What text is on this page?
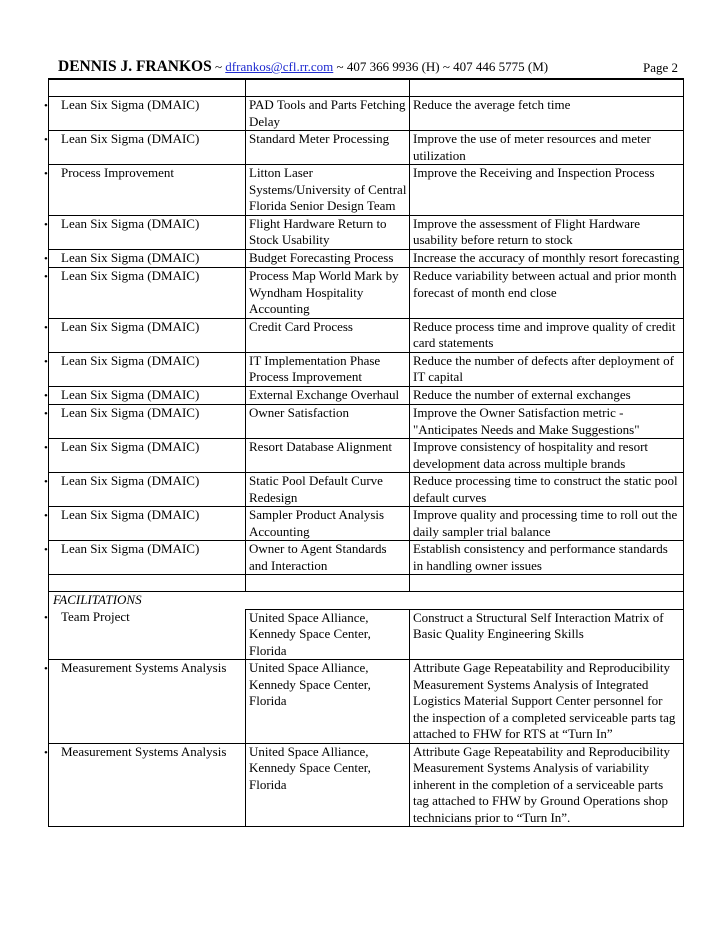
DENNIS J. FRANKOS ~ dfrankos@cfl.rr.com ~ 407 366 9936 (H) ~ 407 446 5775 (M)	Page 2

• Lean Six Sigma (DMAIC)	PAD Tools and Parts Fetching Delay	Reduce the average fetch time
• Lean Six Sigma (DMAIC)	Standard Meter Processing	Improve the use of meter resources and meter utilization
• Process Improvement	Litton Laser Systems/University of Central Florida Senior Design Team	Improve the Receiving and Inspection Process
• Lean Six Sigma (DMAIC)	Flight Hardware Return to Stock Usability	Improve the assessment of Flight Hardware usability before return to stock
• Lean Six Sigma (DMAIC)	Budget Forecasting Process	Increase the accuracy of monthly resort forecasting
• Lean Six Sigma (DMAIC)	Process Map World Mark by Wyndham Hospitality Accounting	Reduce variability between actual and prior month forecast of month end close
• Lean Six Sigma (DMAIC)	Credit Card Process	Reduce process time and improve quality of credit card statements
• Lean Six Sigma (DMAIC)	IT Implementation Phase Process Improvement	Reduce the number of defects after deployment of IT capital
• Lean Six Sigma (DMAIC)	External Exchange Overhaul	Reduce the number of external exchanges
• Lean Six Sigma (DMAIC)	Owner Satisfaction	Improve the Owner Satisfaction metric - "Anticipates Needs and Make Suggestions"
• Lean Six Sigma (DMAIC)	Resort Database Alignment	Improve consistency of hospitality and resort development data across multiple brands
• Lean Six Sigma (DMAIC)	Static Pool Default Curve Redesign	Reduce processing time to construct the static pool default curves
• Lean Six Sigma (DMAIC)	Sampler Product Analysis Accounting	Improve quality and processing time to roll out the daily sampler trial balance
• Lean Six Sigma (DMAIC)	Owner to Agent Standards and Interaction	Establish consistency and performance standards in handling owner issues

FACILITATIONS		
• Team Project	United Space Alliance, Kennedy Space Center, Florida	Construct a Structural Self Interaction Matrix of Basic Quality Engineering Skills
• Measurement Systems Analysis	United Space Alliance, Kennedy Space Center, Florida	Attribute Gage Repeatability and Reproducibility Measurement Systems Analysis of Integrated Logistics Material Support Center personnel for the inspection of a completed serviceable parts tag attached to FHW for RTS at “Turn In”
• Measurement Systems Analysis	United Space Alliance, Kennedy Space Center, Florida	Attribute Gage Repeatability and Reproducibility Measurement Systems Analysis of variability inherent in the completion of a serviceable parts tag attached to FHW by Ground Operations shop technicians prior to “Turn In”.
